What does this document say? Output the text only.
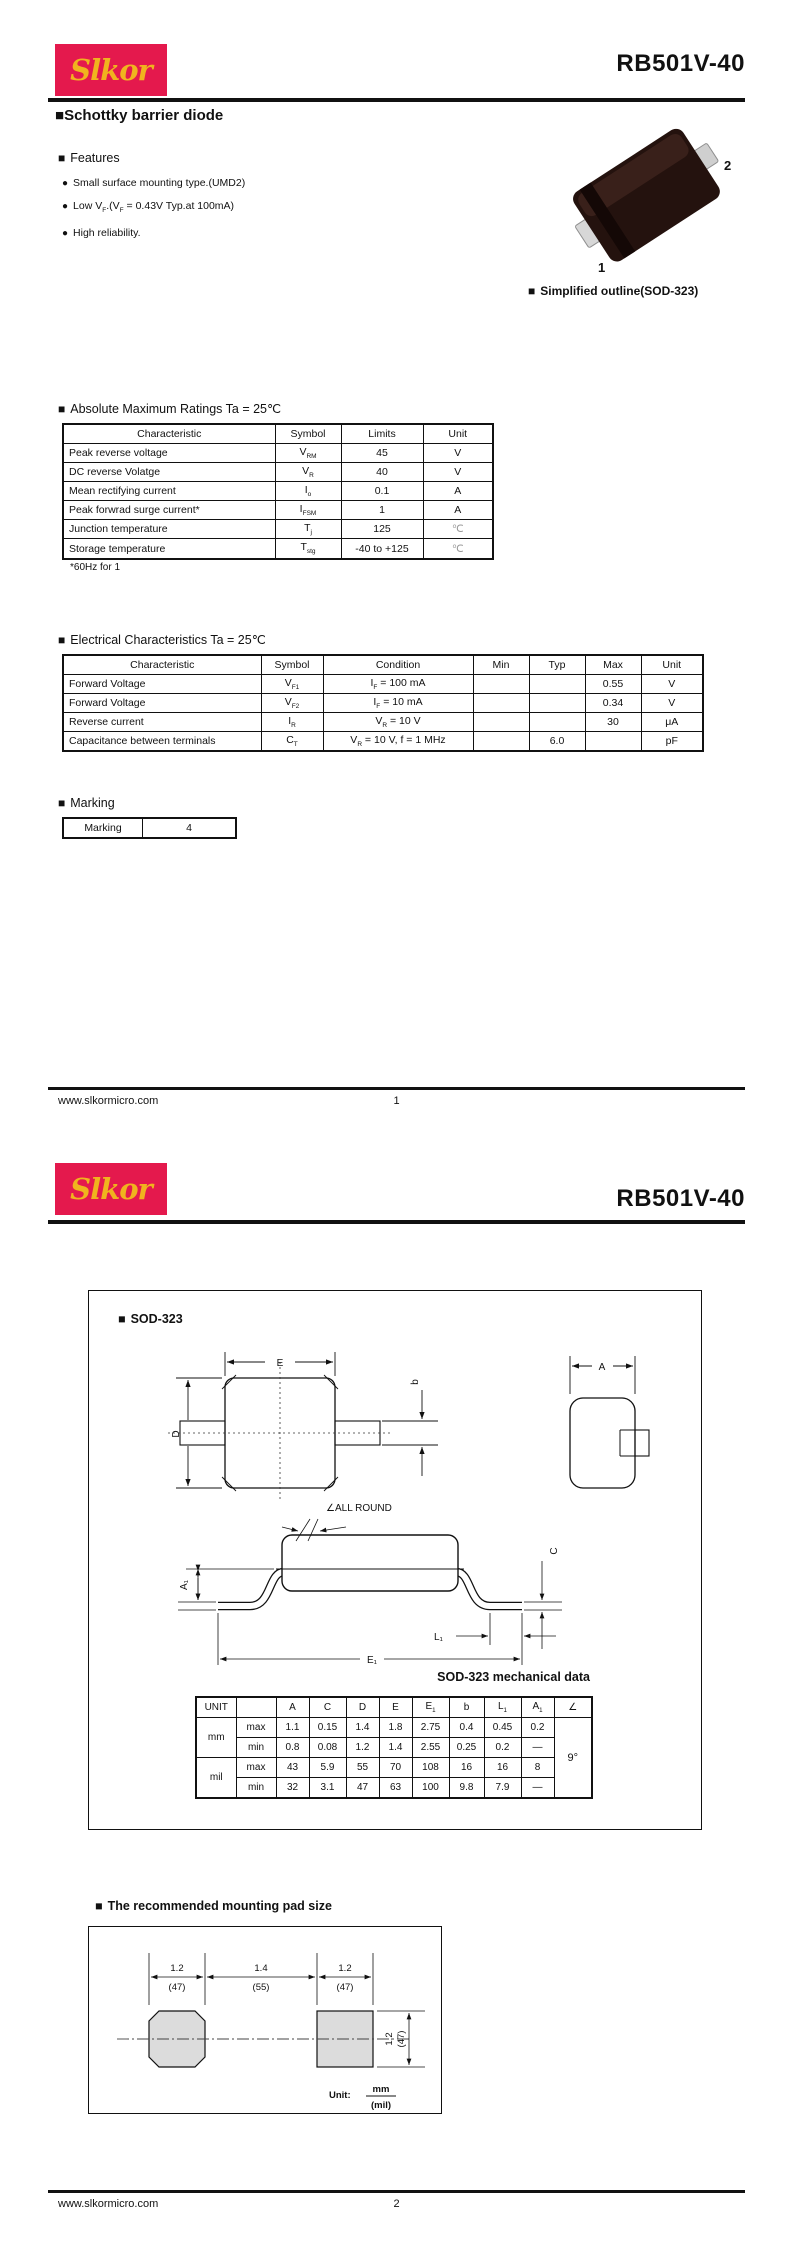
Slkor	RB501V-40
■Schottky barrier diode
■ Features
● Small surface mounting type.(UMD2)
● Low $V_F.(V_F = 0.43V$ Typ.at 100mA)
● High reliability.
2
1
■ Simplified outline(SOD-323)
■ Absolute Maximum Ratings Ta = 25℃
Characteristic	Symbol	Limits	Unit
Peak reverse voltage	$V_{RM}$	45	V
DC reverse Volatge	$V_R$	40	V
Mean rectifying current	$I_o$	0.1	A
Peak forwrad surge current*	$I_{FSM}$	1	A
Junction temperature	$T_j$	125	℃
Storage temperature	$T_{stg}$	-40 to +125	℃
*60Hz for 1
■ Electrical Characteristics Ta = 25℃
Characteristic	Symbol	Condition	Min	Typ	Max	Unit
Forward Voltage	$V_{F1}$	$I_F = 100$ mA			0.55	V
Forward Voltage	$V_{F2}$	$I_F = 10$ mA			0.34	V
Reverse current	$I_R$	$V_R = 10$ V			30	μA
Capacitance between terminals	$C_T$	$V_R = 10$ V, f = 1 MHz		6.0		pF
■ Marking
Marking	4
www.slkormicro.com	1
Slkor	RB501V-40
■ SOD-323
E
D
b
A
∠ALL ROUND
A₁
C
L₁
E₁
SOD-323 mechanical data
UNIT		A	C	D	E	$E_1$	b	$L_1$	$A_1$	∠
mm	max	1.1	0.15	1.4	1.8	2.75	0.4	0.45	0.2	9°
	min	0.8	0.08	1.2	1.4	2.55	0.25	0.2	—	
mil	max	43	5.9	55	70	108	16	16	8	
	min	32	3.1	47	63	100	9.8	7.9	—	
■ The recommended mounting pad size
1.2
(47)
1.4
(55)
1.2
(47)
1.2 (47)
Unit:
mm
(mil)
www.slkormicro.com	2
